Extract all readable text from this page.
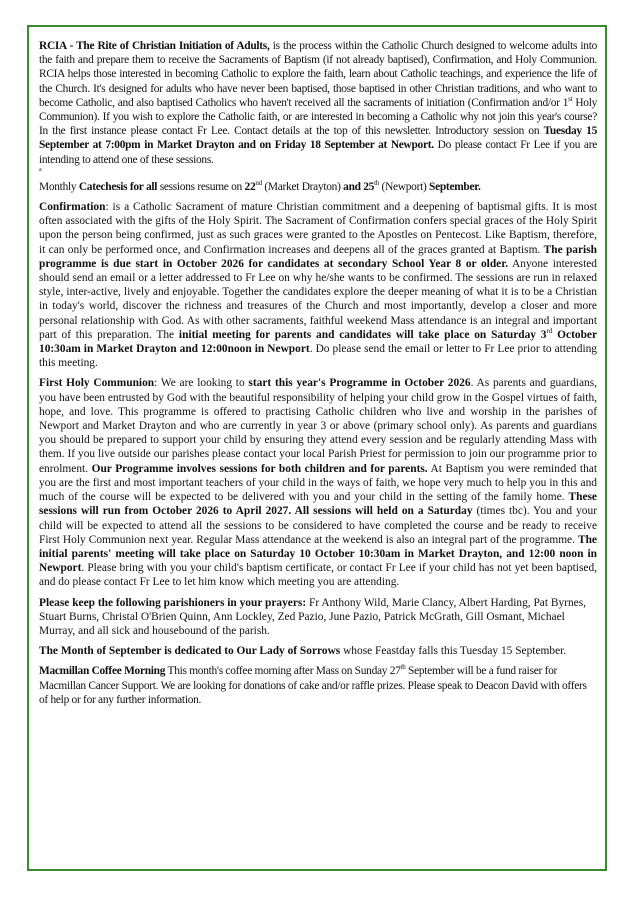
RCIA - The Rite of Christian Initiation of Adults, is the process within the Catholic Church designed to welcome adults into the faith and prepare them to receive the Sacraments of Baptism (if not already baptised), Confirmation, and Holy Communion. RCIA helps those interested in becoming Catholic to explore the faith, learn about Catholic teachings, and experience the life of the Church. It's designed for adults who have never been baptised, those baptised in other Christian traditions, and who want to become Catholic, and also baptised Catholics who haven't received all the sacraments of initiation (Confirmation and/or 1st Holy Communion). If you wish to explore the Catholic faith, or are interested in becoming a Catholic why not join this year's course? In the first instance please contact Fr Lee. Contact details at the top of this newsletter. Introductory session on Tuesday 15 September at 7:00pm in Market Drayton and on Friday 18 September at Newport. Do please contact Fr Lee if you are intending to attend one of these sessions.

a

Monthly Catechesis for all sessions resume on 22nd (Market Drayton) and 25th (Newport) September.

Confirmation: is a Catholic Sacrament of mature Christian commitment and a deepening of baptismal gifts. It is most often associated with the gifts of the Holy Spirit. The Sacrament of Confirmation confers special graces of the Holy Spirit upon the person being confirmed, just as such graces were granted to the Apostles on Pentecost. Like Baptism, therefore, it can only be performed once, and Confirmation increases and deepens all of the graces granted at Baptism. The parish programme is due start in October 2026 for candidates at secondary School Year 8 or older. Anyone interested should send an email or a letter addressed to Fr Lee on why he/she wants to be confirmed. The sessions are run in relaxed style, inter-active, lively and enjoyable. Together the candidates explore the deeper meaning of what it is to be a Christian in today's world, discover the richness and treasures of the Church and most importantly, develop a closer and more personal relationship with God. As with other sacraments, faithful weekend Mass attendance is an integral and important part of this preparation. The initial meeting for parents and candidates will take place on Saturday 3rd October 10:30am in Market Drayton and 12:00noon in Newport. Do please send the email or letter to Fr Lee prior to attending this meeting.

First Holy Communion: We are looking to start this year's Programme in October 2026. As parents and guardians, you have been entrusted by God with the beautiful responsibility of helping your child grow in the Gospel virtues of faith, hope, and love. This programme is offered to practising Catholic children who live and worship in the parishes of Newport and Market Drayton and who are currently in year 3 or above (primary school only). As parents and guardians you should be prepared to support your child by ensuring they attend every session and be regularly attending Mass with them. If you live outside our parishes please contact your local Parish Priest for permission to join our programme prior to enrolment. Our Programme involves sessions for both children and for parents. At Baptism you were reminded that you are the first and most important teachers of your child in the ways of faith, we hope very much to help you in this and much of the course will be expected to be delivered with you and your child in the setting of the family home. These sessions will run from October 2026 to April 2027. All sessions will held on a Saturday (times tbc). You and your child will be expected to attend all the sessions to be considered to have completed the course and be ready to receive First Holy Communion next year. Regular Mass attendance at the weekend is also an integral part of the programme. The initial parents' meeting will take place on Saturday 10 October 10:30am in Market Drayton, and 12:00 noon in Newport. Please bring with you your child's baptism certificate, or contact Fr Lee if your child has not yet been baptised, and do please contact Fr Lee to let him know which meeting you are attending.

Please keep the following parishioners in your prayers: Fr Anthony Wild, Marie Clancy, Albert Harding, Pat Byrnes, Stuart Burns, Christal O'Brien Quinn, Ann Lockley, Zed Pazio, June Pazio, Patrick McGrath, Gill Osmant, Michael Murray, and all sick and housebound of the parish.

The Month of September is dedicated to Our Lady of Sorrows whose Feastday falls this Tuesday 15 September.

Macmillan Coffee Morning This month's coffee morning after Mass on Sunday 27th September will be a fund raiser for Macmillan Cancer Support. We are looking for donations of cake and/or raffle prizes. Please speak to Deacon David with offers of help or for any further information.
